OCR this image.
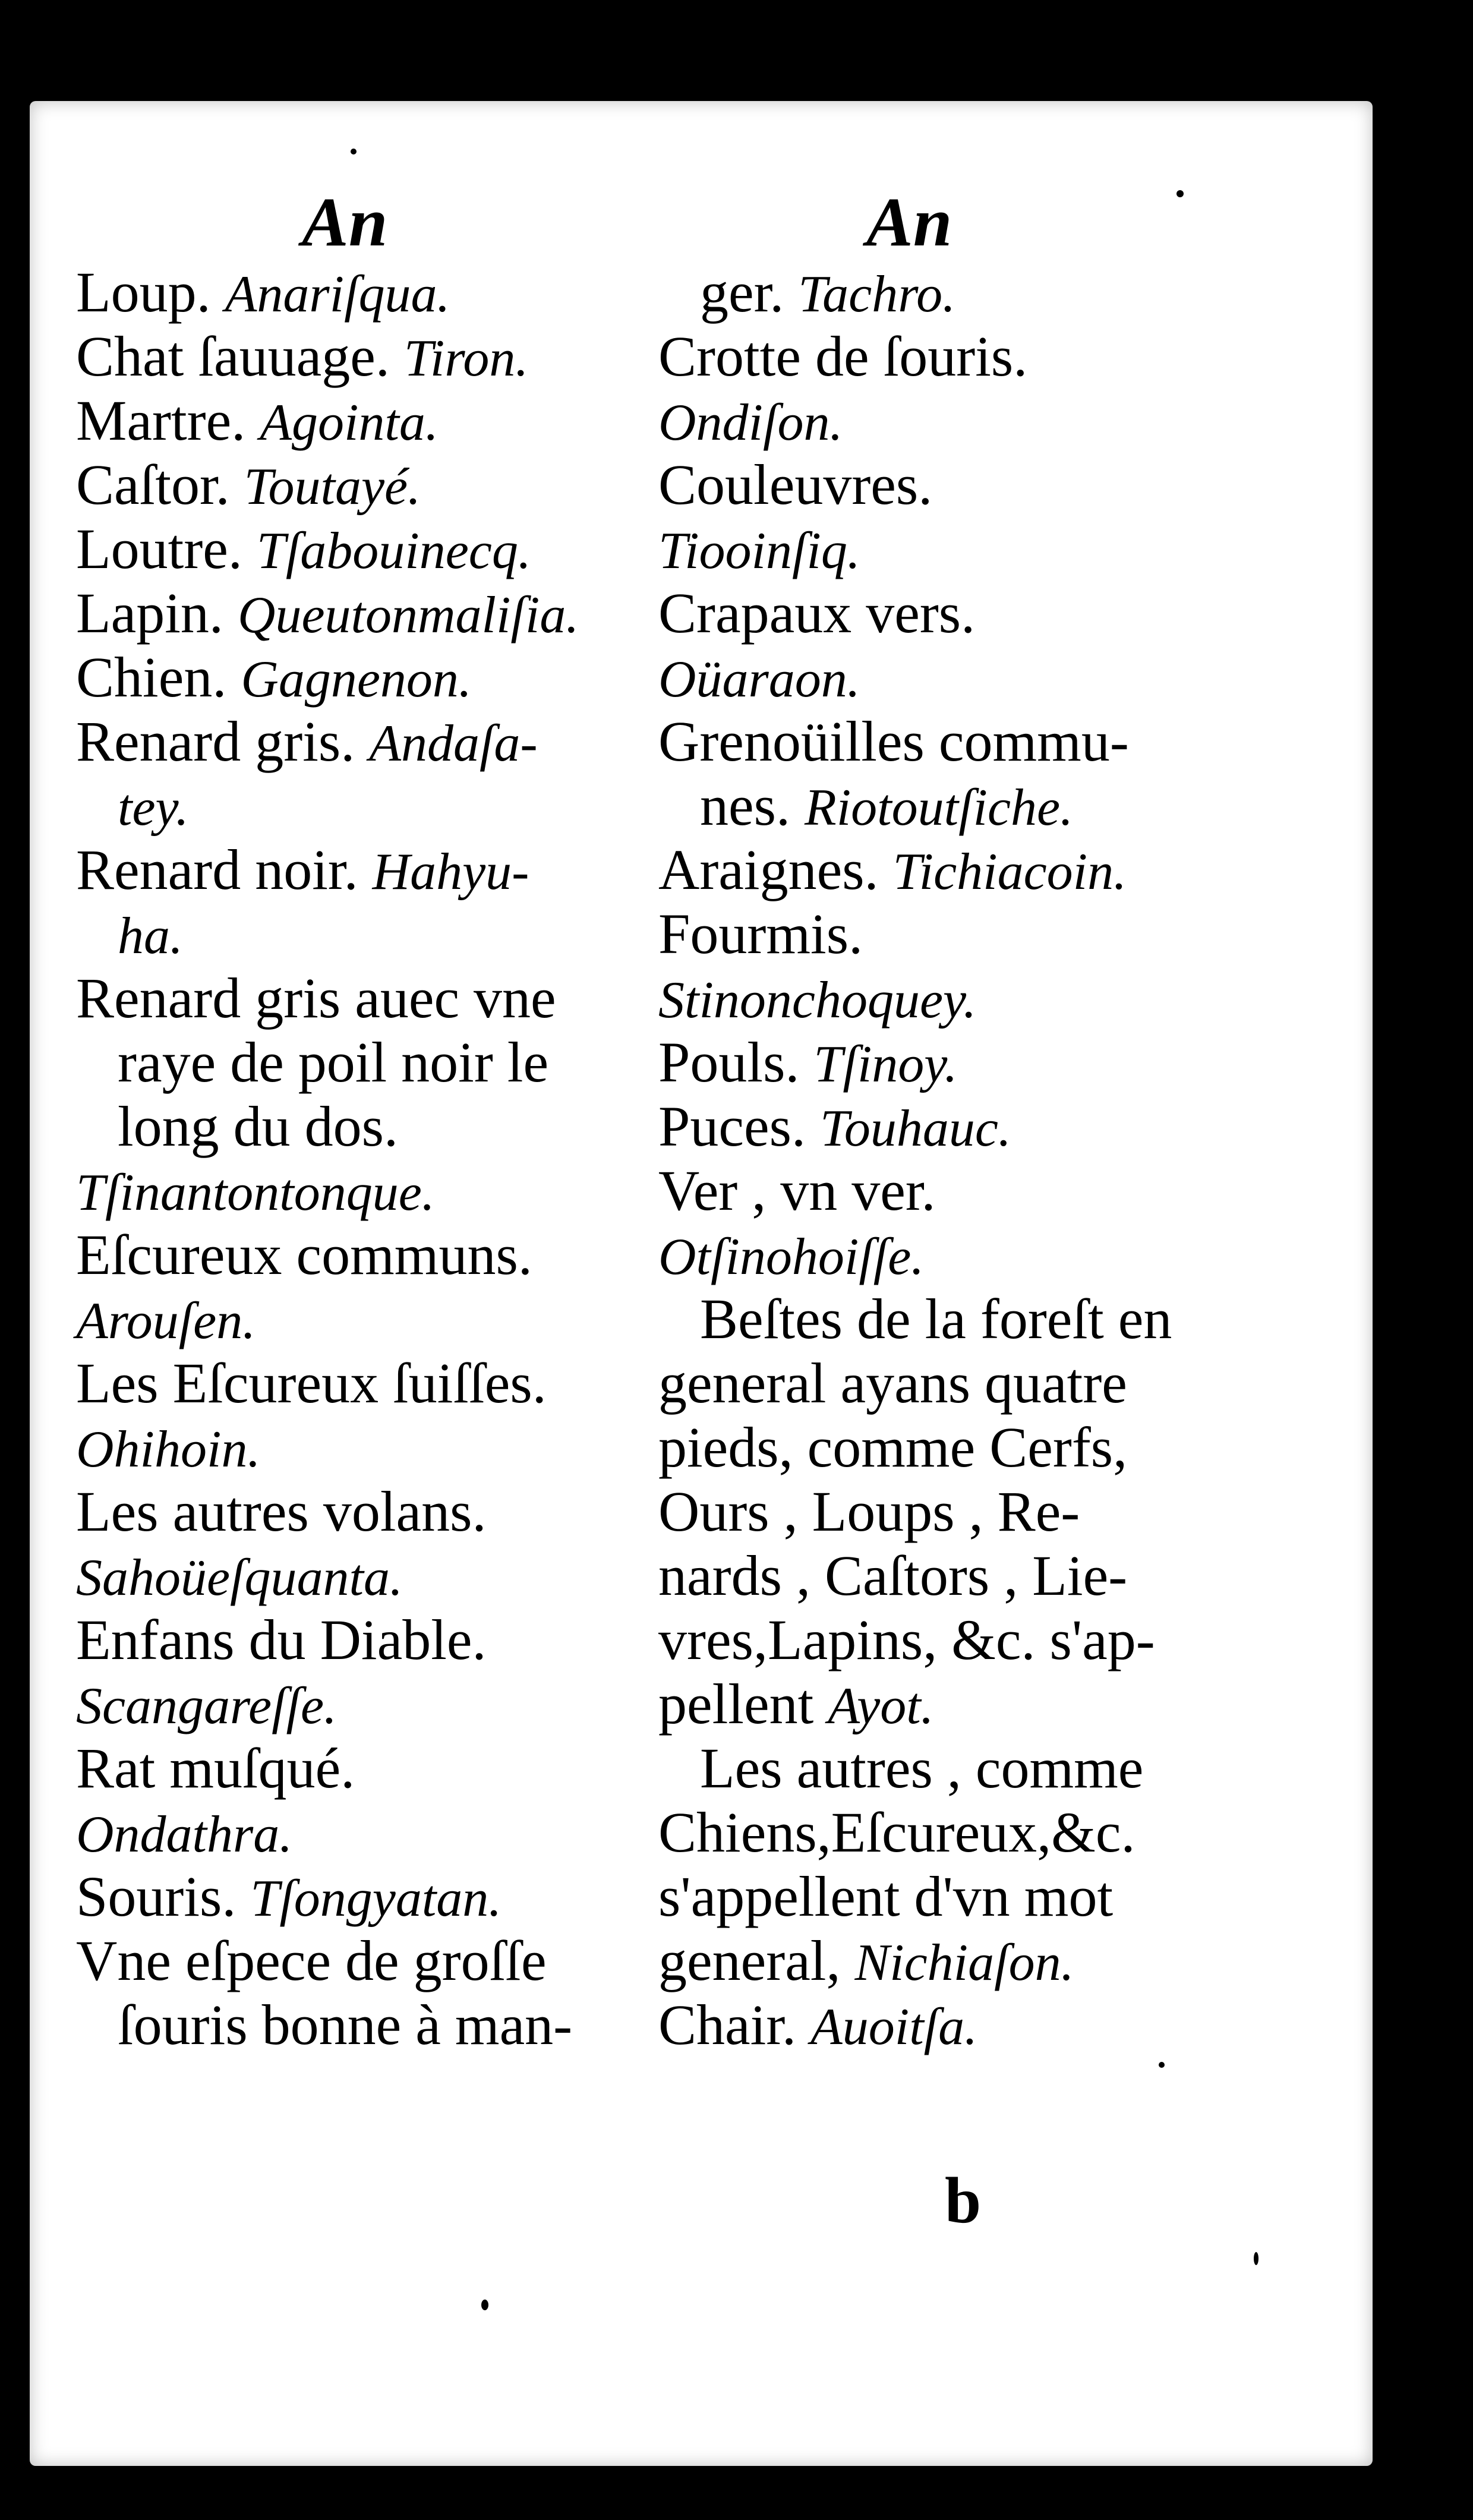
An
Loup. Anariſqua.
Chat ſauuage. Tiron.
Martre. Agointa.
Caſtor. Toutayé.
Loutre. Tſabouinecq.
Lapin. Queutonmaliſia.
Chien. Gagnenon.
Renard gris. Andaſa-
tey.
Renard noir. Hahyu-
ha.
Renard gris auec vne
raye de poil noir le
long du dos.
Tſinantontonque.
Eſcureux communs.
Arouſen.
Les Eſcureux ſuiſſes.
Ohihoin.
Les autres volans.
Sahoüeſquanta.
Enfans du Diable.
Scangareſſe.
Rat muſqué.
Ondathra.
Souris. Tſongyatan.
Vne eſpece de groſſe
ſouris bonne à man-
An
ger. Tachro.
Crotte de ſouris.
Ondiſon.
Couleuvres.
Tiooinſiq.
Crapaux vers.
Oüaraon.
Grenoüilles commu-
nes. Riotoutſiche.
Araignes. Tichiacoin.
Fourmis.
Stinonchoquey.
Pouls. Tſinoy.
Puces. Touhauc.
Ver , vn ver.
Otſinohoiſſe.
Beſtes de la foreſt en
general ayans quatre
pieds, comme Cerfs,
Ours , Loups , Re-
nards , Caſtors , Lie-
vres,Lapins, &c. s'ap-
pellent Ayot.
Les autres , comme
Chiens,Eſcureux,&c.
s'appellent d'vn mot
general, Nichiaſon.
Chair. Auoitſa.
b
